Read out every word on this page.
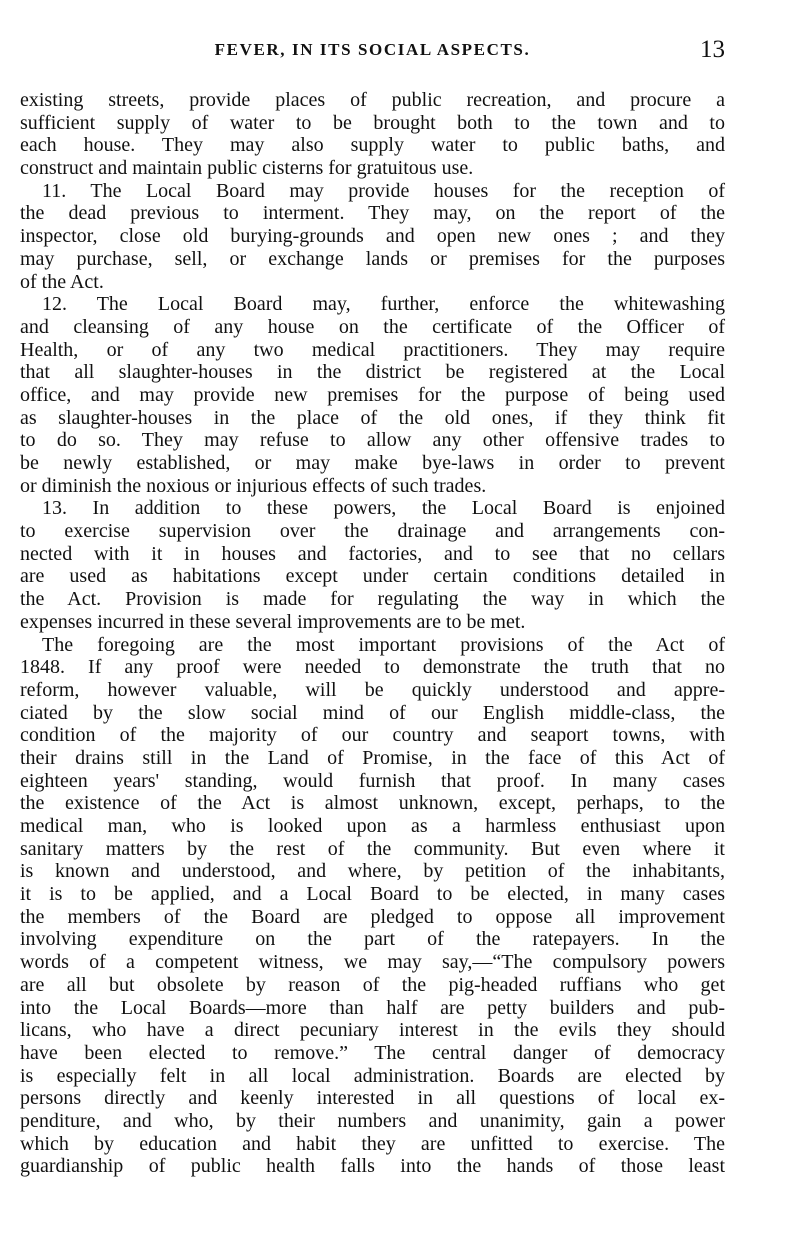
FEVER, IN ITS SOCIAL ASPECTS.	13
existing streets, provide places of public recreation, and procure a
sufficient supply of water to be brought both to the town and to
each house. They may also supply water to public baths, and
construct and maintain public cisterns for gratuitous use.
11. The Local Board may provide houses for the reception of
the dead previous to interment. They may, on the report of the
inspector, close old burying-grounds and open new ones ; and they
may purchase, sell, or exchange lands or premises for the purposes
of the Act.
12. The Local Board may, further, enforce the whitewashing
and cleansing of any house on the certificate of the Officer of
Health, or of any two medical practitioners. They may require
that all slaughter-houses in the district be registered at the Local
office, and may provide new premises for the purpose of being used
as slaughter-houses in the place of the old ones, if they think fit
to do so. They may refuse to allow any other offensive trades to
be newly established, or may make bye-laws in order to prevent
or diminish the noxious or injurious effects of such trades.
13. In addition to these powers, the Local Board is enjoined
to exercise supervision over the drainage and arrangements con-
nected with it in houses and factories, and to see that no cellars
are used as habitations except under certain conditions detailed in
the Act. Provision is made for regulating the way in which the
expenses incurred in these several improvements are to be met.
The foregoing are the most important provisions of the Act of
1848. If any proof were needed to demonstrate the truth that no
reform, however valuable, will be quickly understood and appre-
ciated by the slow social mind of our English middle-class, the
condition of the majority of our country and seaport towns, with
their drains still in the Land of Promise, in the face of this Act of
eighteen years' standing, would furnish that proof. In many cases
the existence of the Act is almost unknown, except, perhaps, to the
medical man, who is looked upon as a harmless enthusiast upon
sanitary matters by the rest of the community. But even where it
is known and understood, and where, by petition of the inhabitants,
it is to be applied, and a Local Board to be elected, in many cases
the members of the Board are pledged to oppose all improvement
involving expenditure on the part of the ratepayers. In the
words of a competent witness, we may say,—“The compulsory powers
are all but obsolete by reason of the pig-headed ruffians who get
into the Local Boards—more than half are petty builders and pub-
licans, who have a direct pecuniary interest in the evils they should
have been elected to remove.” The central danger of democracy
is especially felt in all local administration. Boards are elected by
persons directly and keenly interested in all questions of local ex-
penditure, and who, by their numbers and unanimity, gain a power
which by education and habit they are unfitted to exercise. The
guardianship of public health falls into the hands of those least
